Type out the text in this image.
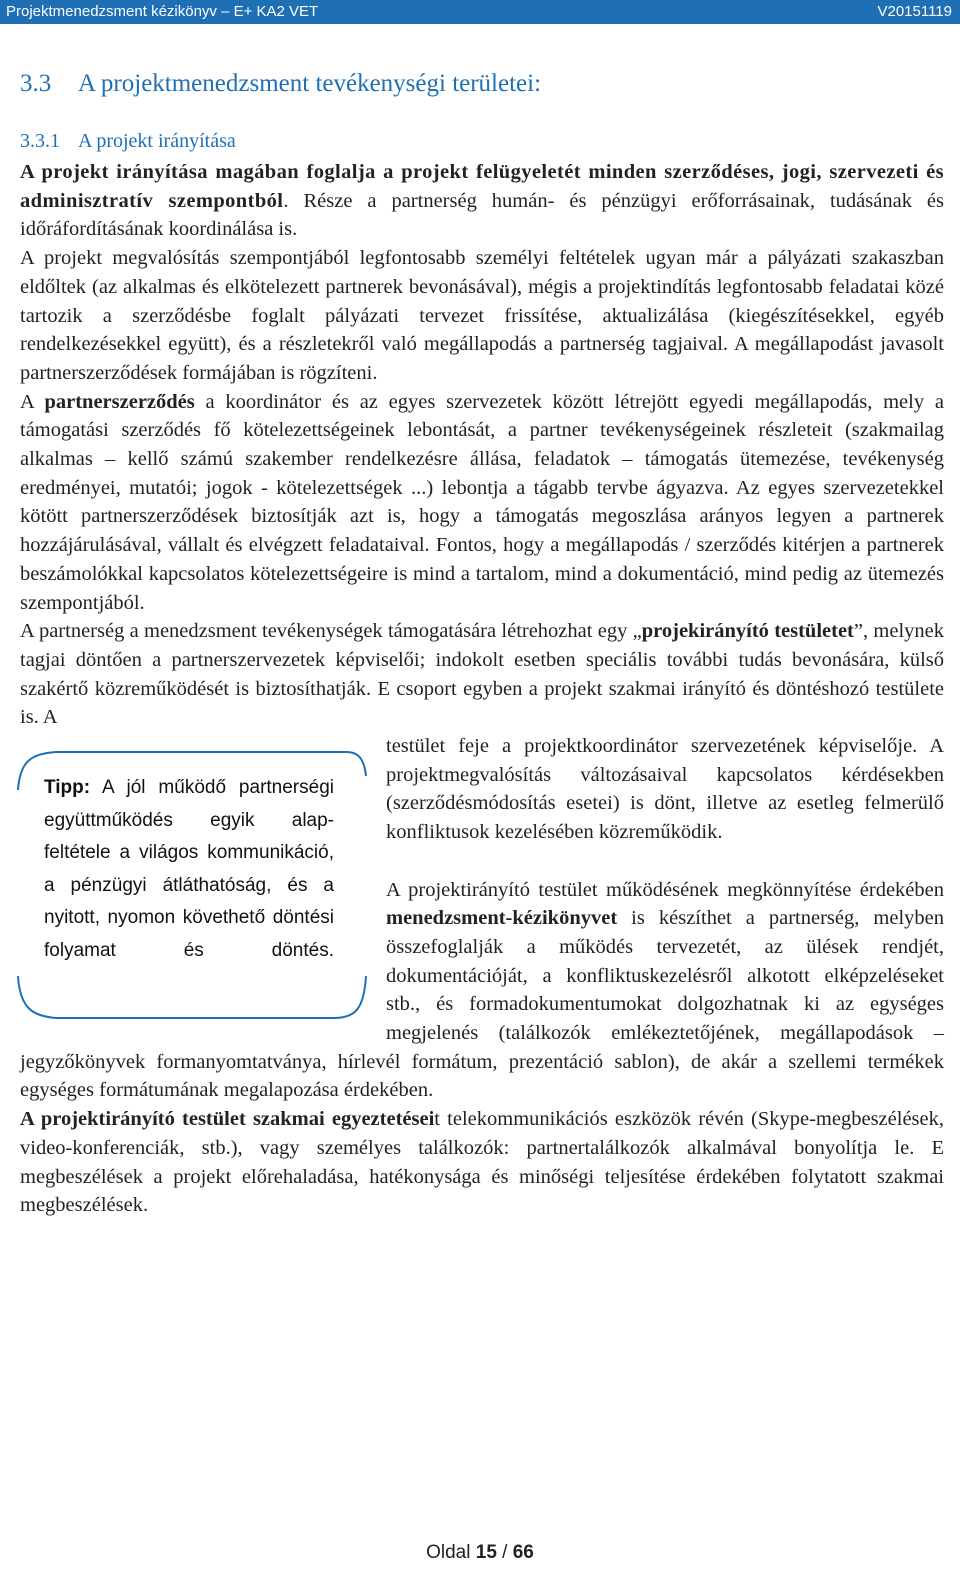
Projektmenedzsment kézikönyv – E+ KA2 VET	V20151119
3.3 A projektmenedzsment tevékenységi területei:
3.3.1 A projekt irányítása

A projekt irányítása magában foglalja a projekt felügyeletét minden szerződéses, jogi, szervezeti és adminisztratív szempontból. Része a partnerség humán- és pénzügyi erőforrásainak, tudásának és időráfordításának koordinálása is.

A projekt megvalósítás szempontjából legfontosabb személyi feltételek ugyan már a pályázati szakaszban eldőltek (az alkalmas és elkötelezett partnerek bevonásával), mégis a projektindítás legfontosabb feladatai közé tartozik a szerződésbe foglalt pályázati tervezet frissítése, aktualizálása (kiegészítésekkel, egyéb rendelkezésekkel együtt), és a részletekről való megállapodás a partnerség tagjaival. A megállapodást javasolt partnerszerződések formájában is rögzíteni.

A partnerszerződés a koordinátor és az egyes szervezetek között létrejött egyedi megállapodás, mely a támogatási szerződés fő kötelezettségeinek lebontását, a partner tevékenységeinek részleteit (szakmailag alkalmas – kellő számú szakember rendelkezésre állása, feladatok – támogatás ütemezése, tevékenység eredményei, mutatói; jogok - kötelezettségek ...) lebontja a tágabb tervbe ágyazva. Az egyes szervezetekkel kötött partnerszerződések biztosítják azt is, hogy a támogatás megoszlása arányos legyen a partnerek hozzájárulásával, vállalt és elvégzett feladataival. Fontos, hogy a megállapodás / szerződés kitérjen a partnerek beszámolókkal kapcsolatos kötelezettségeire is mind a tartalom, mind a dokumentáció, mind pedig az ütemezés szempontjából.

A partnerség a menedzsment tevékenységek támogatására létrehozhat egy „projekirányító testületet”, melynek tagjai döntően a partnerszervezetek képviselői; indokolt esetben speciális további tudás bevonására, külső szakértő közreműködését is biztosíthatják. E csoport egyben a projekt szakmai irányító és döntéshozó testülete is. A

Tipp: A jól működő partnerségi együttműködés egyik alap-feltétele a világos kommunikáció, a pénzügyi átláthatóság, és a nyitott, nyomon követhető döntési folyamat és döntés.

testület feje a projektkoordinátor szervezetének képviselője. A projektmegvalósítás változásaival kapcsolatos kérdésekben (szerződésmódosítás esetei) is dönt, illetve az esetleg felmerülő konfliktusok kezelésében közreműködik.

A projektirányító testület működésének megkönnyítése érdekében menedzsment-kézikönyvet is készíthet a partnerség, melyben összefoglalják a működés tervezetét, az ülések rendjét, dokumentációját, a konfliktuskezelésről alkotott elképzeléseket stb., és formadokumentumokat dolgozhatnak ki az egységes megjelenés (találkozók emlékeztetőjének, megállapodások – jegyzőkönyvek formanyomtatványa, hírlevél formátum, prezentáció sablon), de akár a szellemi termékek egységes formátumának megalapozása érdekében.

A projektirányító testület szakmai egyeztetéseit telekommunikációs eszközök révén (Skype-megbeszélések, video-konferenciák, stb.), vagy személyes találkozók: partnertalálkozók alkalmával bonyolítja le. E megbeszélések a projekt előrehaladása, hatékonysága és minőségi teljesítése érdekében folytatott szakmai megbeszélések.

Oldal 15 / 66
